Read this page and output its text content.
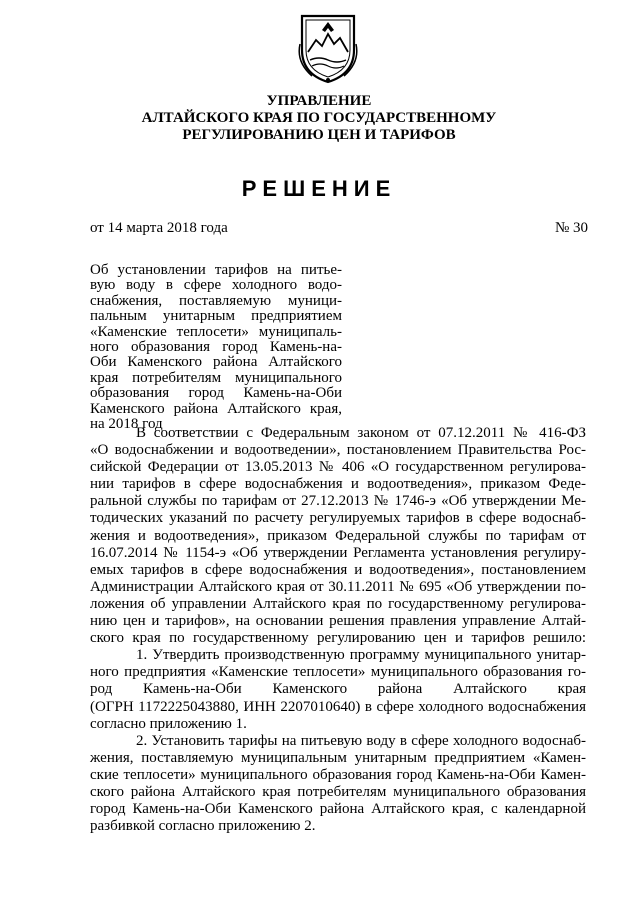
УПРАВЛЕНИЕ
АЛТАЙСКОГО КРАЯ ПО ГОСУДАРСТВЕННОМУ
РЕГУЛИРОВАНИЮ ЦЕН И ТАРИФОВ
РЕШЕНИЕ
от 14 марта 2018 года	№ 30
Об установлении тарифов на питье-
вую воду в сфере холодного водо-
снабжения, поставляемую муници-
пальным унитарным предприятием
«Каменские теплосети» муниципаль-
ного образования город Камень-на-
Оби Каменского района Алтайского
края потребителям муниципального
образования город Камень-на-Оби
Каменского района Алтайского края,
на 2018 год
В соответствии с Федеральным законом от 07.12.2011 № 416-ФЗ
«О водоснабжении и водоотведении», постановлением Правительства Рос-
сийской Федерации от 13.05.2013 № 406 «О государственном регулирова-
нии тарифов в сфере водоснабжения и водоотведения», приказом Феде-
ральной службы по тарифам от 27.12.2013 № 1746-э «Об утверждении Ме-
тодических указаний по расчету регулируемых тарифов в сфере водоснаб-
жения и водоотведения», приказом Федеральной службы по тарифам от
16.07.2014 № 1154-э «Об утверждении Регламента установления регулиру-
емых тарифов в сфере водоснабжения и водоотведения», постановлением
Администрации Алтайского края от 30.11.2011 № 695 «Об утверждении по-
ложения об управлении Алтайского края по государственному регулирова-
нию цен и тарифов», на основании решения правления управление Алтай-
ского края по государственному регулированию цен и тарифов решило:
1. Утвердить производственную программу муниципального унитар-
ного предприятия «Каменские теплосети» муниципального образования го-
род Камень-на-Оби Каменского района Алтайского края
(ОГРН 1172225043880, ИНН 2207010640) в сфере холодного водоснабжения
согласно приложению 1.
2. Установить тарифы на питьевую воду в сфере холодного водоснаб-
жения, поставляемую муниципальным унитарным предприятием «Камен-
ские теплосети» муниципального образования город Камень-на-Оби Камен-
ского района Алтайского края потребителям муниципального образования
город Камень-на-Оби Каменского района Алтайского края, с календарной
разбивкой согласно приложению 2.
